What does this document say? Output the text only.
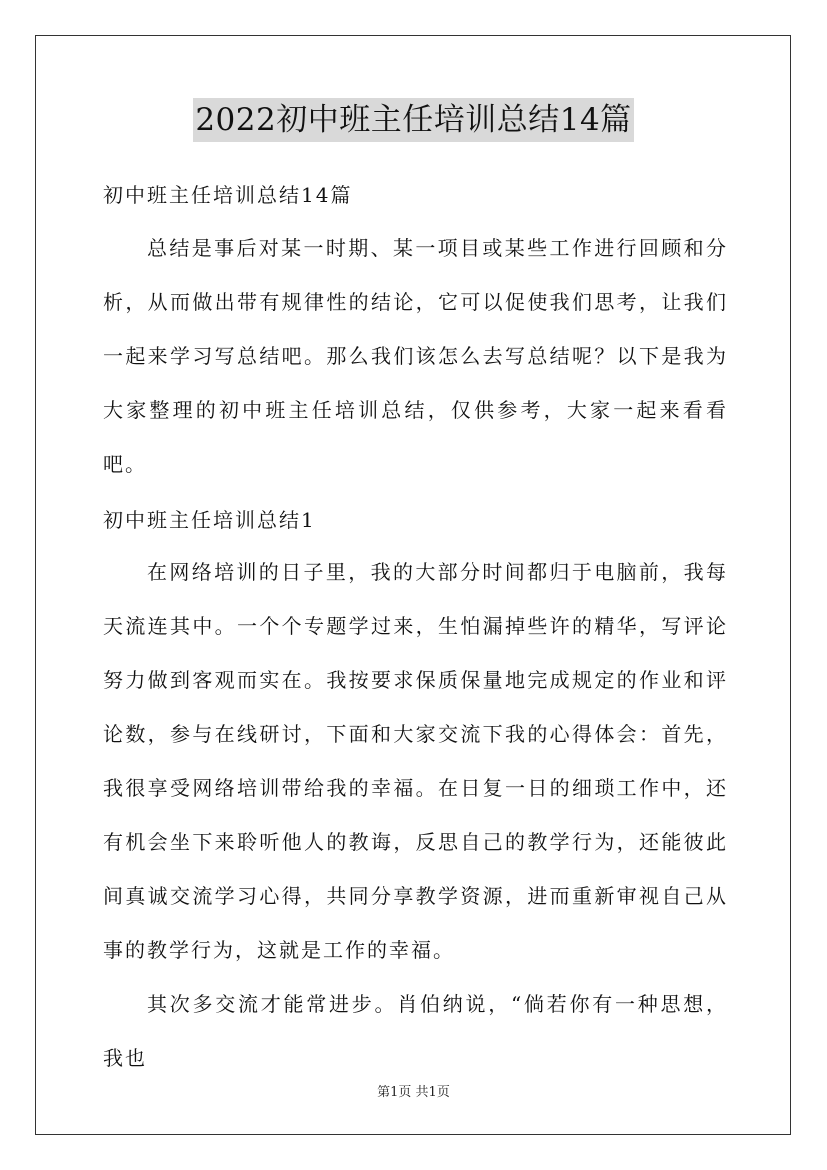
2022初中班主任培训总结14篇
初中班主任培训总结14篇

总结是事后对某一时期、某一项目或某些工作进行回顾和分析，从而做出带有规律性的结论，它可以促使我们思考，让我们一起来学习写总结吧。那么我们该怎么去写总结呢？以下是我为大家整理的初中班主任培训总结，仅供参考，大家一起来看看吧。

初中班主任培训总结1

在网络培训的日子里，我的大部分时间都归于电脑前，我每天流连其中。一个个专题学过来，生怕漏掉些许的精华，写评论努力做到客观而实在。我按要求保质保量地完成规定的作业和评论数，参与在线研讨，下面和大家交流下我的心得体会：首先，我很享受网络培训带给我的幸福。在日复一日的细琐工作中，还有机会坐下来聆听他人的教诲，反思自己的教学行为，还能彼此间真诚交流学习心得，共同分享教学资源，进而重新审视自己从事的教学行为，这就是工作的幸福。

其次多交流才能常进步。肖伯纳说，“倘若你有一种思想，我也

第1页 共1页
